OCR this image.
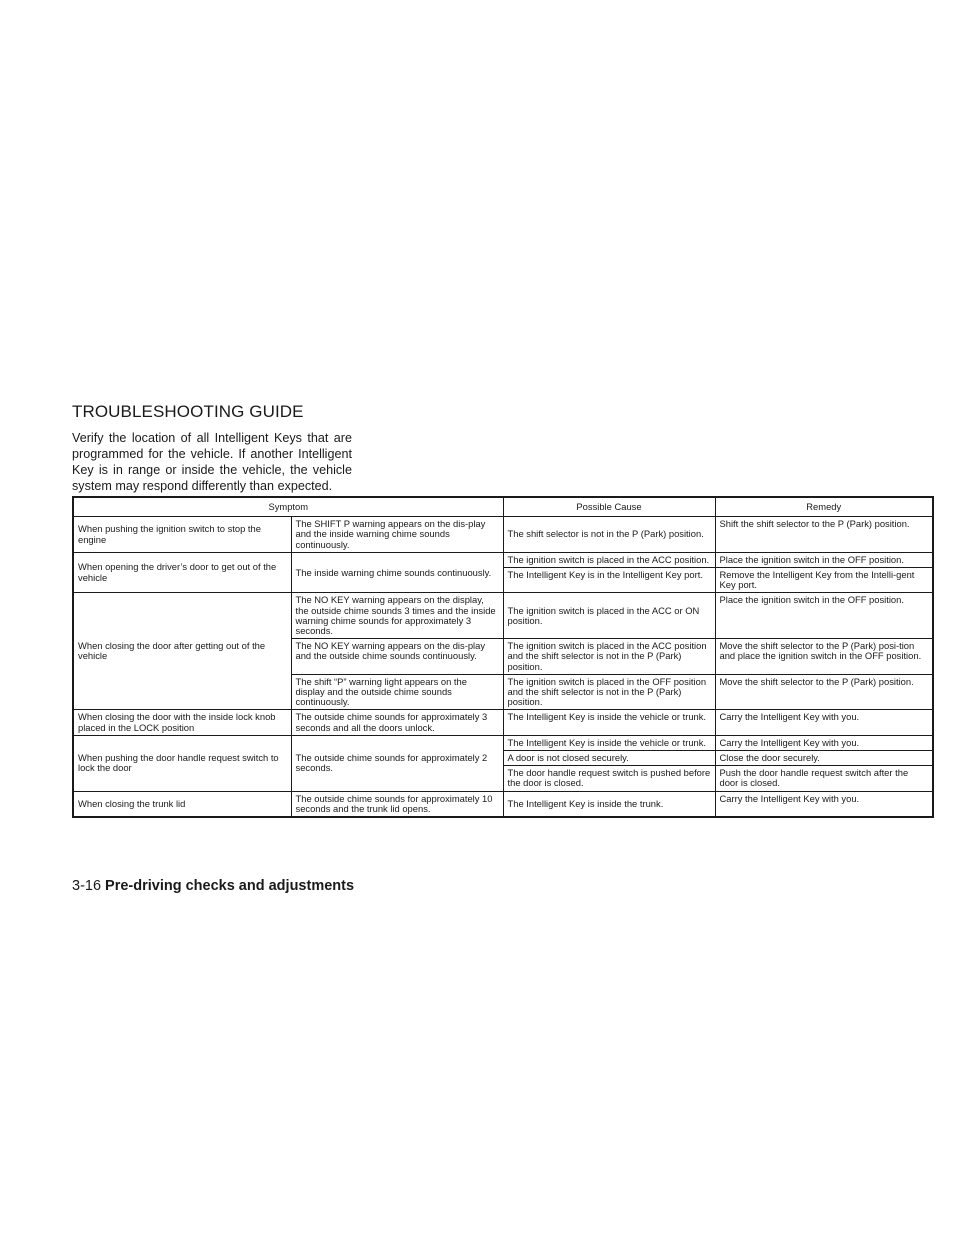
TROUBLESHOOTING GUIDE

Verify the location of all Intelligent Keys that are programmed for the vehicle. If another Intelligent Key is in range or inside the vehicle, the vehicle system may respond differently than expected.

Symptom		Possible Cause	Remedy
When pushing the ignition switch to stop the engine	The SHIFT P warning appears on the dis-play and the inside warning chime sounds continuously.	The shift selector is not in the P (Park) position.	Shift the shift selector to the P (Park) position.
When opening the driver’s door to get out of the vehicle	The inside warning chime sounds continuously.	The ignition switch is placed in the ACC position.	Place the ignition switch in the OFF position.
		The Intelligent Key is in the Intelligent Key port.	Remove the Intelligent Key from the Intelli-gent Key port.
When closing the door after getting out of the vehicle	The NO KEY warning appears on the display, the outside chime sounds 3 times and the inside warning chime sounds for approximately 3 seconds.	The ignition switch is placed in the ACC or ON position.	Place the ignition switch in the OFF position.
	The NO KEY warning appears on the dis-play and the outside chime sounds continuously.	The ignition switch is placed in the ACC position and the shift selector is not in the P (Park) position.	Move the shift selector to the P (Park) posi-tion and place the ignition switch in the OFF position.
	The shift “P” warning light appears on the display and the outside chime sounds continuously.	The ignition switch is placed in the OFF position and the shift selector is not in the P (Park) position.	Move the shift selector to the P (Park) position.
When closing the door with the inside lock knob placed in the LOCK position	The outside chime sounds for approximately 3 seconds and all the doors unlock.	The Intelligent Key is inside the vehicle or trunk.	Carry the Intelligent Key with you.
When pushing the door handle request switch to lock the door	The outside chime sounds for approximately 2 seconds.	The Intelligent Key is inside the vehicle or trunk.	Carry the Intelligent Key with you.
		A door is not closed securely.	Close the door securely.
		The door handle request switch is pushed before the door is closed.	Push the door handle request switch after the door is closed.
When closing the trunk lid	The outside chime sounds for approximately 10 seconds and the trunk lid opens.	The Intelligent Key is inside the trunk.	Carry the Intelligent Key with you.
3-16 Pre-driving checks and adjustments
